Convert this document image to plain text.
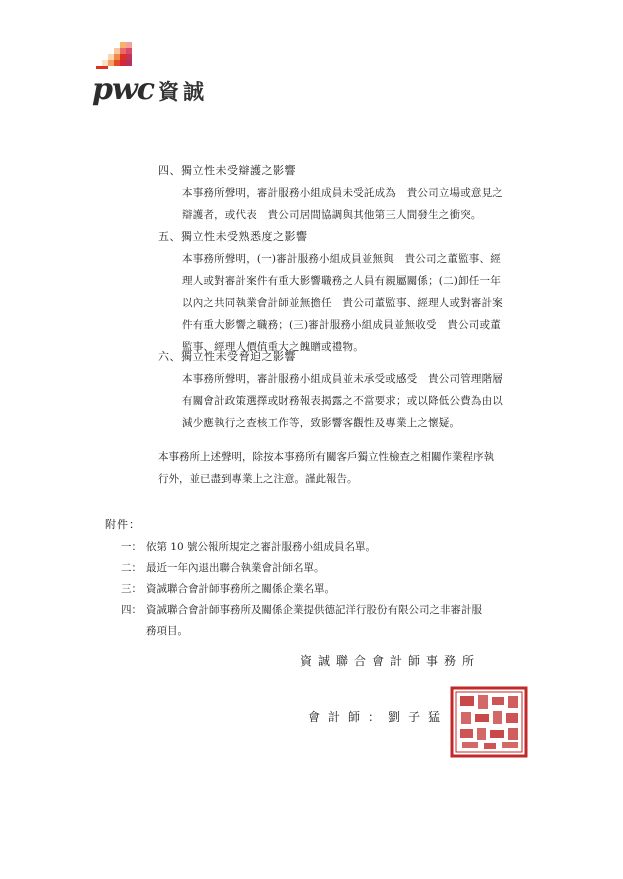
pwc 資誠
四、獨立性未受辯護之影響
本事務所聲明，審計服務小組成員未受託成為　貴公司立場或意見之
辯護者，或代表　貴公司居間協調與其他第三人間發生之衝突。
五、獨立性未受熟悉度之影響
本事務所聲明，(一)審計服務小組成員並無與　貴公司之董監事、經
理人或對審計案件有重大影響職務之人員有親屬關係；(二)卸任一年
以內之共同執業會計師並無擔任　貴公司董監事、經理人或對審計案
件有重大影響之職務；(三)審計服務小組成員並無收受　貴公司或董
監事、經理人價值重大之餽贈或禮物。
六、獨立性未受脅迫之影響
本事務所聲明，審計服務小組成員並未承受或感受　貴公司管理階層
有關會計政策選擇或財務報表揭露之不當要求；或以降低公費為由以
減少應執行之查核工作等，致影響客觀性及專業上之懷疑。
本事務所上述聲明，除按本事務所有關客戶獨立性檢查之相關作業程序執
行外，並已盡到專業上之注意。謹此報告。
附件：
一： 依第 10 號公報所規定之審計服務小組成員名單。
二： 最近一年內退出聯合執業會計師名單。
三： 資誠聯合會計師事務所之關係企業名單。
四： 資誠聯合會計師事務所及關係企業提供德記洋行股份有限公司之非審計服
務項目。
資誠聯合會計師事務所
會計師：劉子猛
